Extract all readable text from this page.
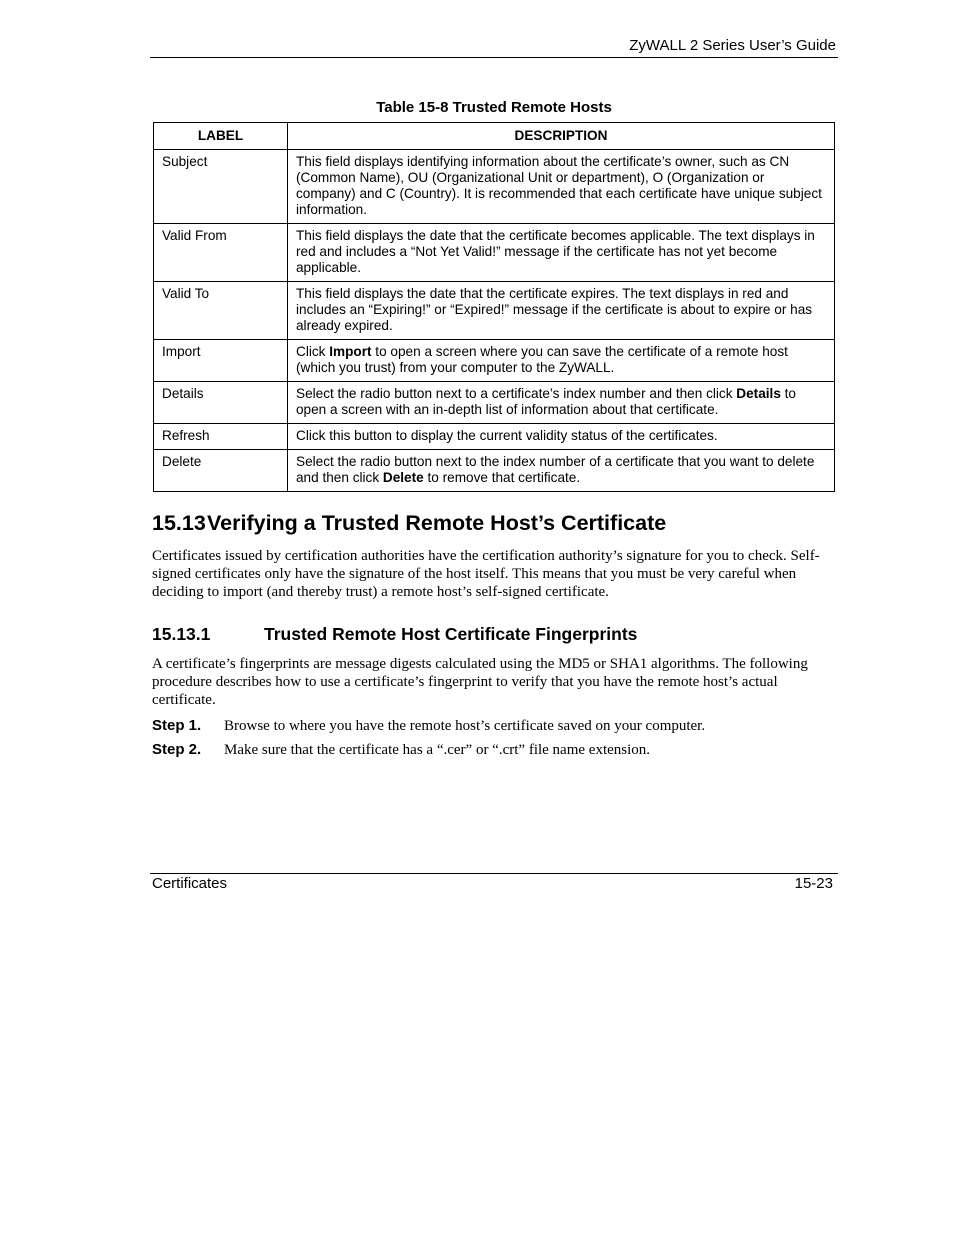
ZyWALL 2 Series User’s Guide
Table 15-8 Trusted Remote Hosts
LABEL	DESCRIPTION
Subject	This field displays identifying information about the certificate’s owner, such as CN (Common Name), OU (Organizational Unit or department), O (Organization or company) and C (Country). It is recommended that each certificate have unique subject information.
Valid From	This field displays the date that the certificate becomes applicable. The text displays in red and includes a “Not Yet Valid!” message if the certificate has not yet become applicable.
Valid To	This field displays the date that the certificate expires. The text displays in red and includes an “Expiring!” or “Expired!” message if the certificate is about to expire or has already expired.
Import	Click Import to open a screen where you can save the certificate of a remote host (which you trust) from your computer to the ZyWALL.
Details	Select the radio button next to a certificate’s index number and then click Details to open a screen with an in-depth list of information about that certificate.
Refresh	Click this button to display the current validity status of the certificates.
Delete	Select the radio button next to the index number of a certificate that you want to delete and then click Delete to remove that certificate.
15.13Verifying a Trusted Remote Host’s Certificate
Certificates issued by certification authorities have the certification authority’s signature for you to check. Self-signed certificates only have the signature of the host itself. This means that you must be very careful when deciding to import (and thereby trust) a remote host’s self-signed certificate.
15.13.1	Trusted Remote Host Certificate Fingerprints
A certificate’s fingerprints are message digests calculated using the MD5 or SHA1 algorithms. The following procedure describes how to use a certificate’s fingerprint to verify that you have the remote host’s actual certificate.
Step 1. Browse to where you have the remote host’s certificate saved on your computer.
Step 2. Make sure that the certificate has a “.cer” or “.crt” file name extension.
Certificates	15-23
